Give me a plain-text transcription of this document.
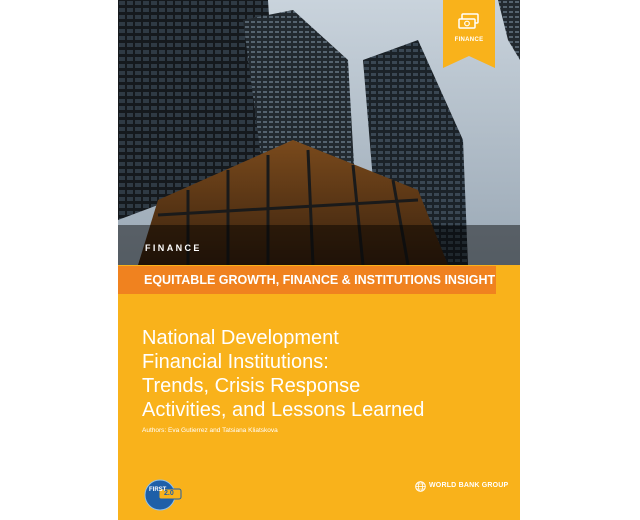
FINANCE
FINANCE
EQUITABLE GROWTH, FINANCE & INSTITUTIONS INSIGHT
National Development
Financial Institutions:
Trends, Crisis Response
Activities, and Lessons Learned
Authors: Eva Gutierrez and Tatsiana Kliatskova
FIRST
2.0
WORLD BANK GROUP
